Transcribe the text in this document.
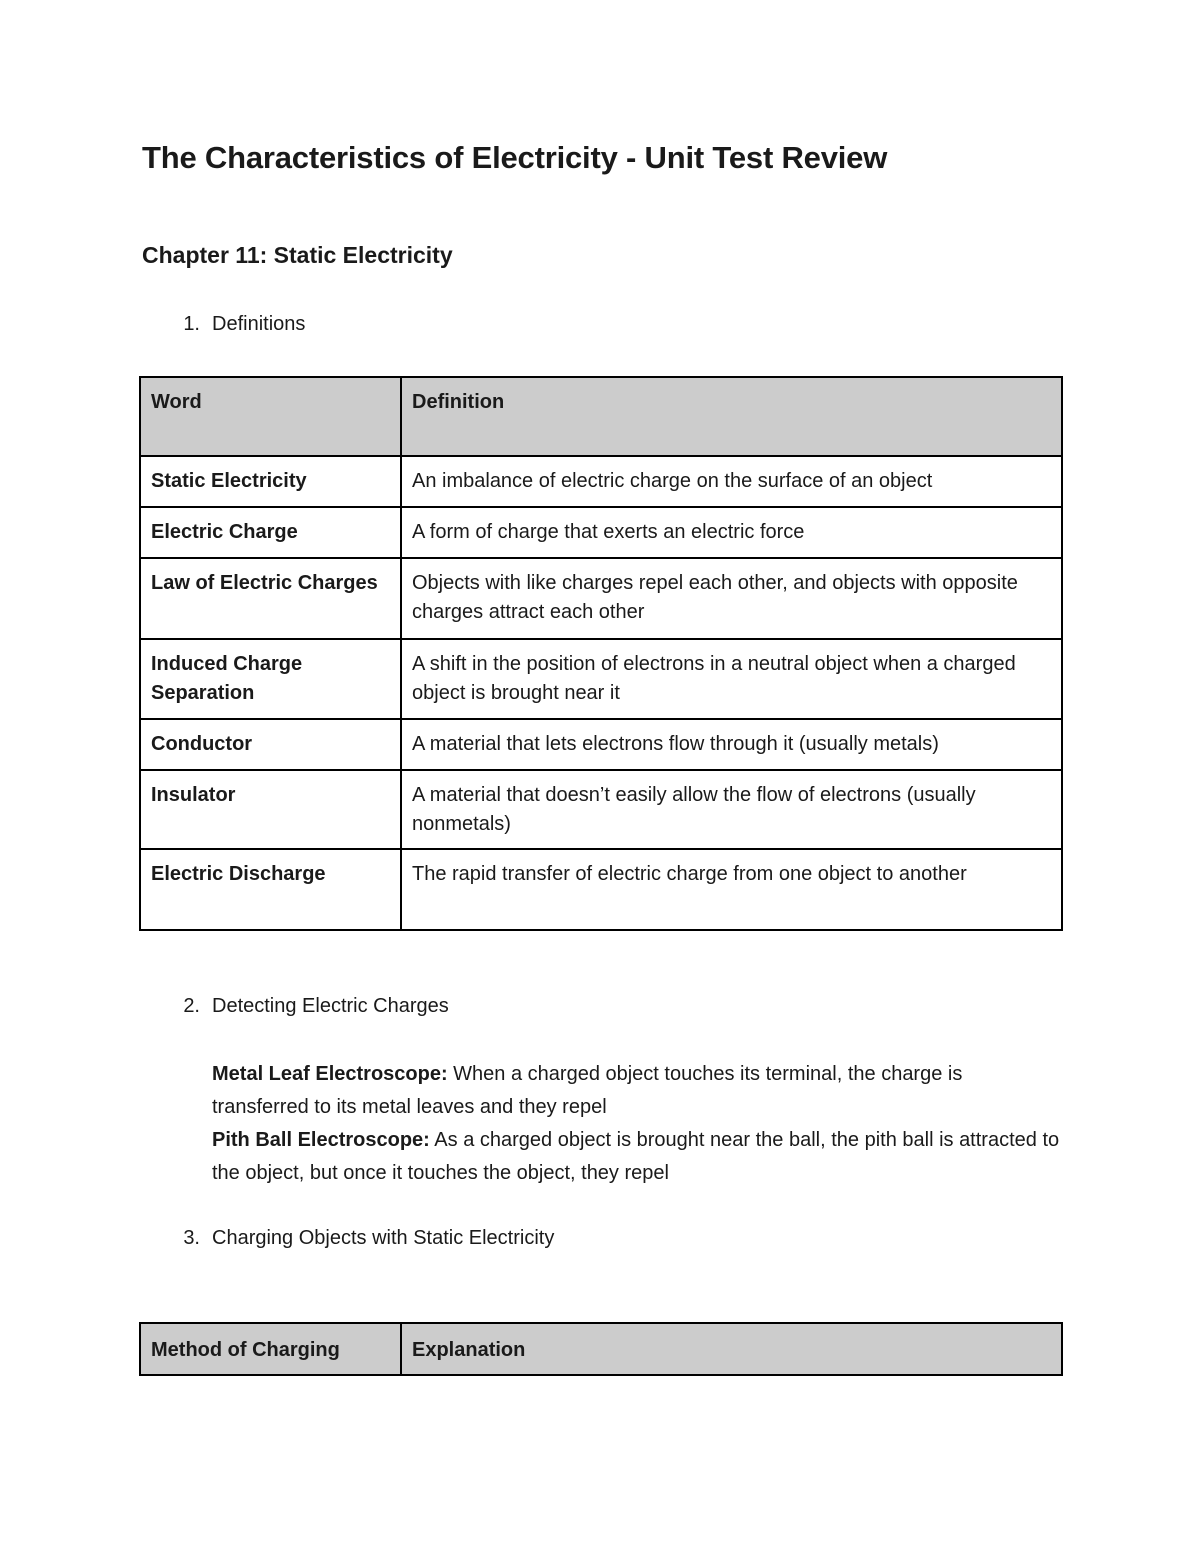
The Characteristics of Electricity - Unit Test Review
Chapter 11: Static Electricity
1. Definitions
Word	Definition
Static Electricity	An imbalance of electric charge on the surface of an object
Electric Charge	A form of charge that exerts an electric force
Law of Electric Charges	Objects with like charges repel each other, and objects with opposite charges attract each other
Induced Charge Separation	A shift in the position of electrons in a neutral object when a charged object is brought near it
Conductor	A material that lets electrons flow through it (usually metals)
Insulator	A material that doesn’t easily allow the flow of electrons (usually nonmetals)
Electric Discharge	The rapid transfer of electric charge from one object to another
2. Detecting Electric Charges

Metal Leaf Electroscope: When a charged object touches its terminal, the charge is transferred to its metal leaves and they repel

Pith Ball Electroscope: As a charged object is brought near the ball, the pith ball is attracted to the object, but once it touches the object, they repel

3. Charging Objects with Static Electricity
Method of Charging	Explanation
